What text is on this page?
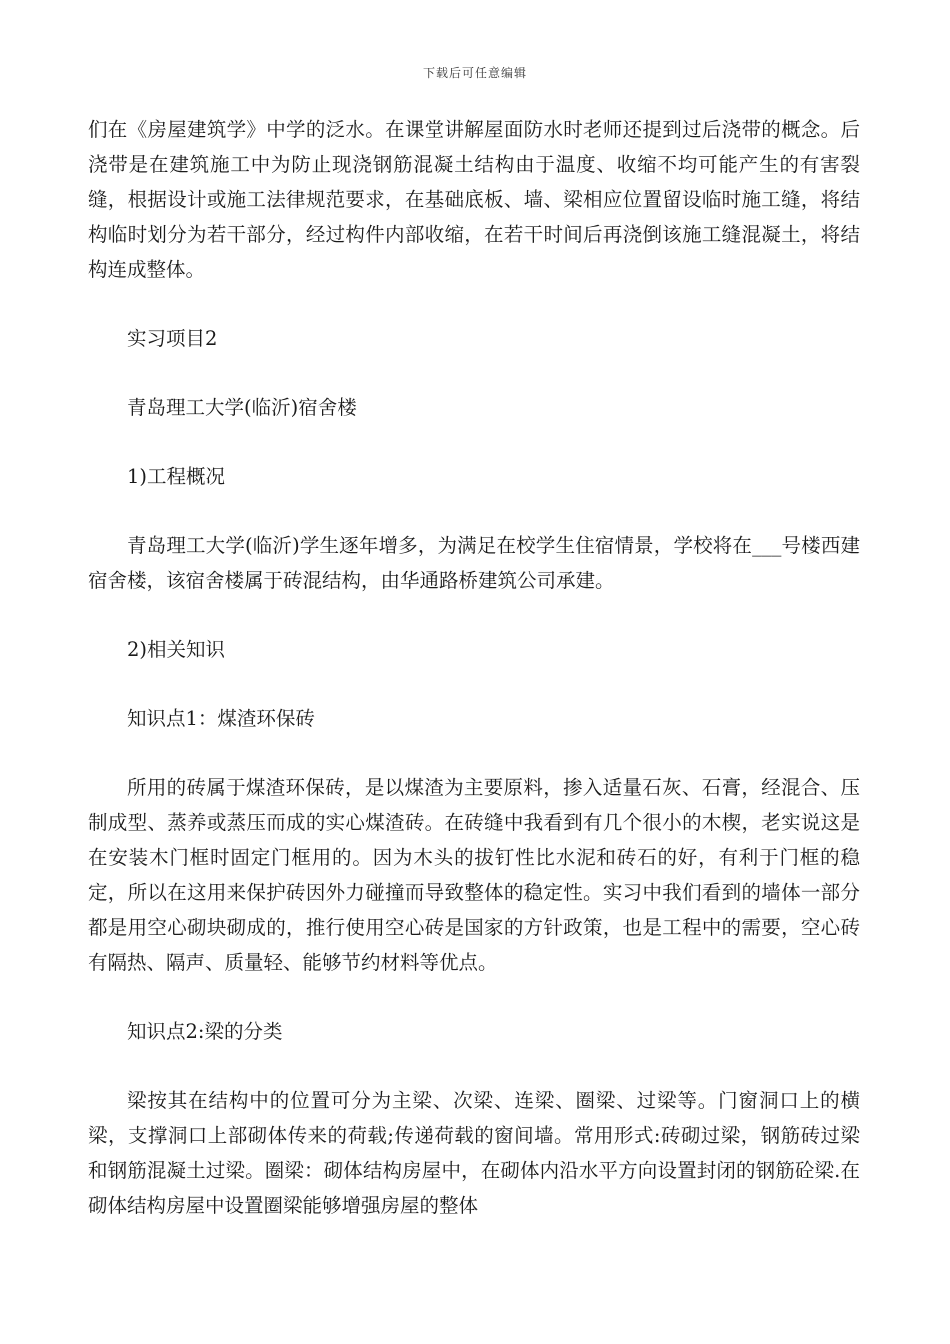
下载后可任意编辑

们在《房屋建筑学》中学的泛水。在课堂讲解屋面防水时老师还提到过后浇带的概念。后浇带是在建筑施工中为防止现浇钢筋混凝土结构由于温度、收缩不均可能产生的有害裂缝，根据设计或施工法律规范要求，在基础底板、墙、梁相应位置留设临时施工缝，将结构临时划分为若干部分，经过构件内部收缩，在若干时间后再浇倒该施工缝混凝土，将结构连成整体。

实习项目2

青岛理工大学(临沂)宿舍楼

1)工程概况

青岛理工大学(临沂)学生逐年增多，为满足在校学生住宿情景，学校将在___号楼西建宿舍楼，该宿舍楼属于砖混结构，由华通路桥建筑公司承建。

2)相关知识

知识点1：煤渣环保砖

所用的砖属于煤渣环保砖，是以煤渣为主要原料，掺入适量石灰、石膏，经混合、压制成型、蒸养或蒸压而成的实心煤渣砖。在砖缝中我看到有几个很小的木楔，老实说这是在安装木门框时固定门框用的。因为木头的拔钉性比水泥和砖石的好，有利于门框的稳定，所以在这用来保护砖因外力碰撞而导致整体的稳定性。实习中我们看到的墙体一部分都是用空心砌块砌成的，推行使用空心砖是国家的方针政策，也是工程中的需要，空心砖有隔热、隔声、质量轻、能够节约材料等优点。

知识点2:梁的分类

梁按其在结构中的位置可分为主梁、次梁、连梁、圈梁、过梁等。门窗洞口上的横梁，支撑洞口上部砌体传来的荷载;传递荷载的窗间墙。常用形式:砖砌过梁，钢筋砖过梁和钢筋混凝土过梁。圈梁：砌体结构房屋中，在砌体内沿水平方向设置封闭的钢筋砼梁.在砌体结构房屋中设置圈梁能够增强房屋的整体
